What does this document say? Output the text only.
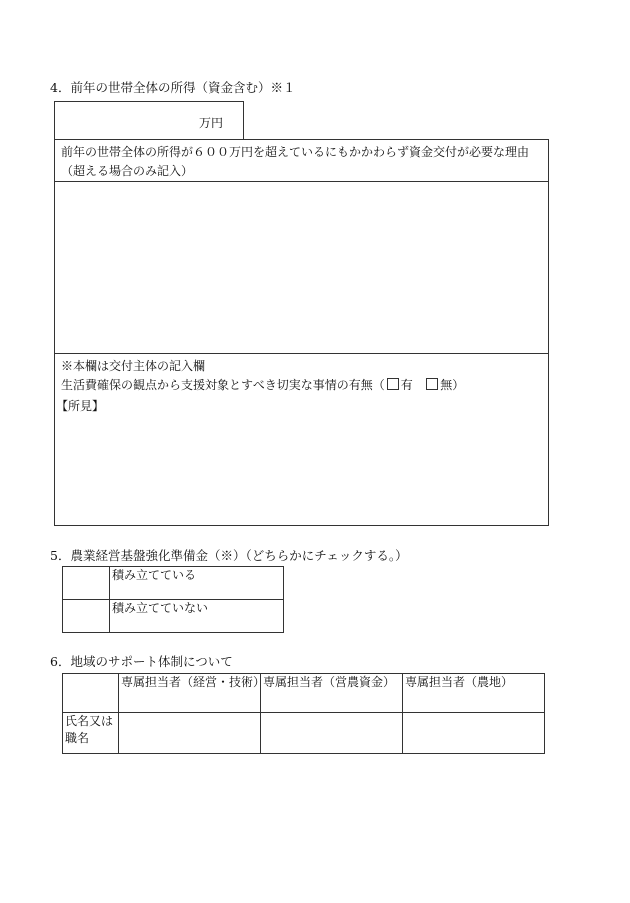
4．前年の世帯全体の所得（資金含む）※１
万円
前年の世帯全体の所得が６００万円を超えているにもかかわらず資金交付が必要な理由（超える場合のみ記入）
※本欄は交付主体の記入欄
生活費確保の観点から支援対象とすべき切実な事情の有無（ 有 無）
【所見】
5．農業経営基盤強化準備金（※）（どちらかにチェックする。）
	積み立てている
	積み立てていない
6．地域のサポート体制について
	専属担当者（経営・技術）	専属担当者（営農資金）	専属担当者（農地）
氏名又は職名			
